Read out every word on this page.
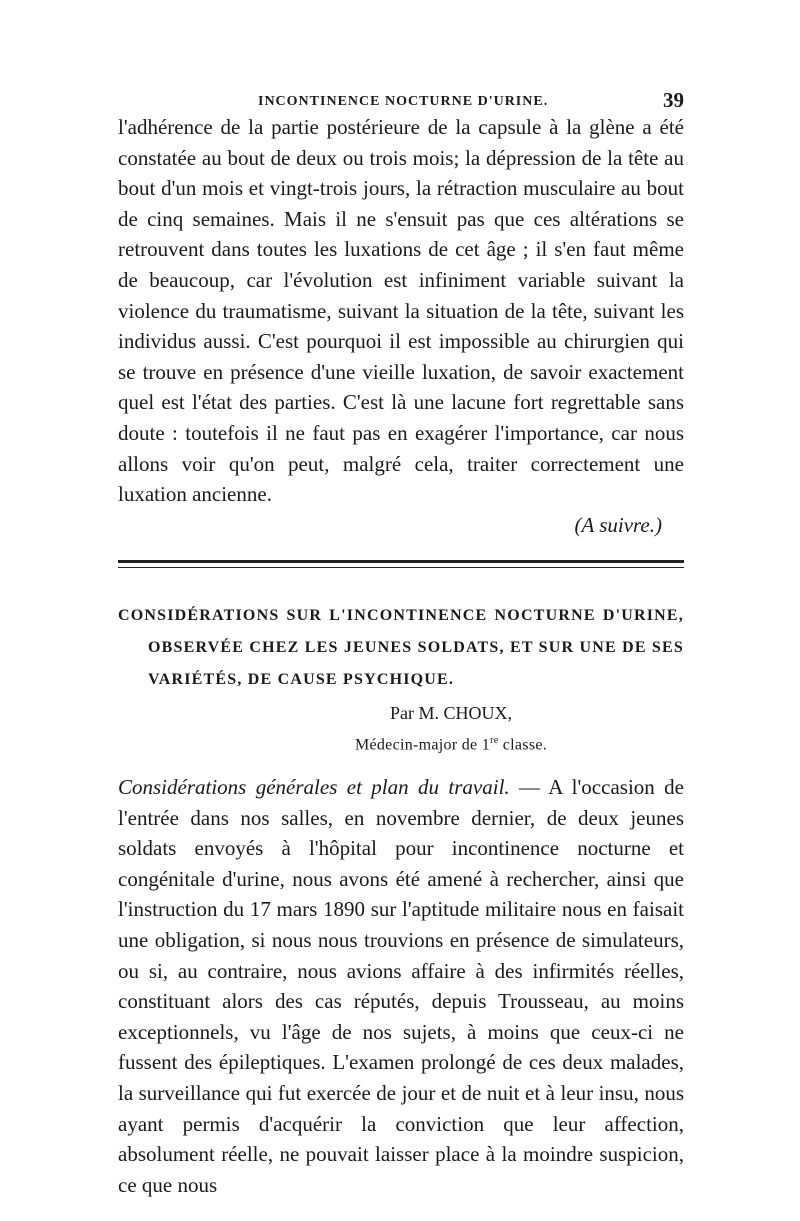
INCONTINENCE NOCTURNE D'URINE.	39

l'adhérence de la partie postérieure de la capsule à la glène a été constatée au bout de deux ou trois mois; la dépression de la tête au bout d'un mois et vingt-trois jours, la rétraction musculaire au bout de cinq semaines. Mais il ne s'ensuit pas que ces altérations se retrouvent dans toutes les luxations de cet âge ; il s'en faut même de beaucoup, car l'évolution est infiniment variable suivant la violence du traumatisme, suivant la situation de la tête, suivant les individus aussi. C'est pourquoi il est impossible au chirurgien qui se trouve en présence d'une vieille luxation, de savoir exactement quel est l'état des parties. C'est là une lacune fort regrettable sans doute : toutefois il ne faut pas en exagérer l'importance, car nous allons voir qu'on peut, malgré cela, traiter correctement une luxation ancienne.

(A suivre.)

CONSIDÉRATIONS SUR L'INCONTINENCE NOCTURNE D'URINE,
OBSERVÉE CHEZ LES JEUNES SOLDATS, ET SUR UNE DE SES
VARIÉTÉS, DE CAUSE PSYCHIQUE.
Par M. CHOUX,
Médecin-major de 1re classe.

Considérations générales et plan du travail. — A l'occasion de l'entrée dans nos salles, en novembre dernier, de deux jeunes soldats envoyés à l'hôpital pour incontinence nocturne et congénitale d'urine, nous avons été amené à rechercher, ainsi que l'instruction du 17 mars 1890 sur l'aptitude militaire nous en faisait une obligation, si nous nous trouvions en présence de simulateurs, ou si, au contraire, nous avions affaire à des infirmités réelles, constituant alors des cas réputés, depuis Trousseau, au moins exceptionnels, vu l'âge de nos sujets, à moins que ceux-ci ne fussent des épileptiques. L'examen prolongé de ces deux malades, la surveillance qui fut exercée de jour et de nuit et à leur insu, nous ayant permis d'acquérir la conviction que leur affection, absolument réelle, ne pouvait laisser place à la moindre suspicion, ce que nous
